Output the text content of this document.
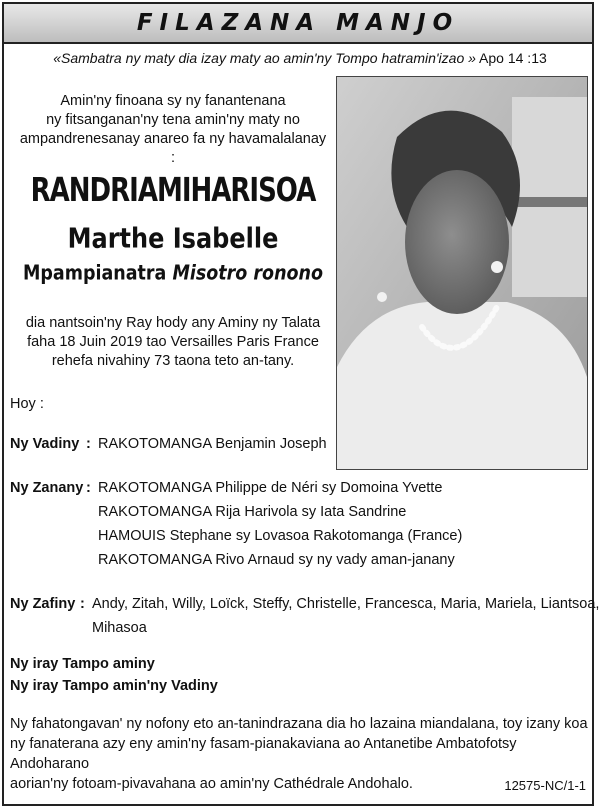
FILAZANA MANJO
«Sambatra ny maty dia izay maty ao amin'ny Tompo hatramin'izao » Apo 14 :13
Amin'ny finoana sy ny fanantenana
ny fitsanganan'ny tena amin'ny maty no
ampandrenesanay anareo fa ny havamalalanay :
RANDRIAMIHARISOA
Marthe Isabelle
Mpampianatra Misotro ronono
dia nantsoin'ny Ray hody any Aminy ny Talata
faha 18 Juin 2019 tao Versailles Paris France
rehefa nivahiny 73 taona teto an-tany.
Hoy :
Ny Vadiny : RAKOTOMANGA Benjamin Joseph
Ny Zanany : RAKOTOMANGA Philippe de Néri sy Domoina Yvette
RAKOTOMANGA Rija Harivola sy Iata Sandrine
HAMOUIS Stephane sy Lovasoa Rakotomanga (France)
RAKOTOMANGA Rivo Arnaud sy ny vady aman-janany
Ny Zafiny : Andy, Zitah, Willy, Loïck, Steffy, Christelle, Francesca, Maria, Mariela, Liantsoa,
Mihasoa
Ny iray Tampo aminy
Ny iray Tampo amin'ny Vadiny
Ny fahatongavan' ny nofony eto an-tanindrazana dia ho lazaina miandalana, toy izany koa
ny fanaterana azy eny amin'ny fasam-pianakaviana ao Antanetibe Ambatofotsy Andoharano
aorian'ny fotoam-pivavahana ao amin'ny Cathédrale Andohalo.	12575-NC/1-1
